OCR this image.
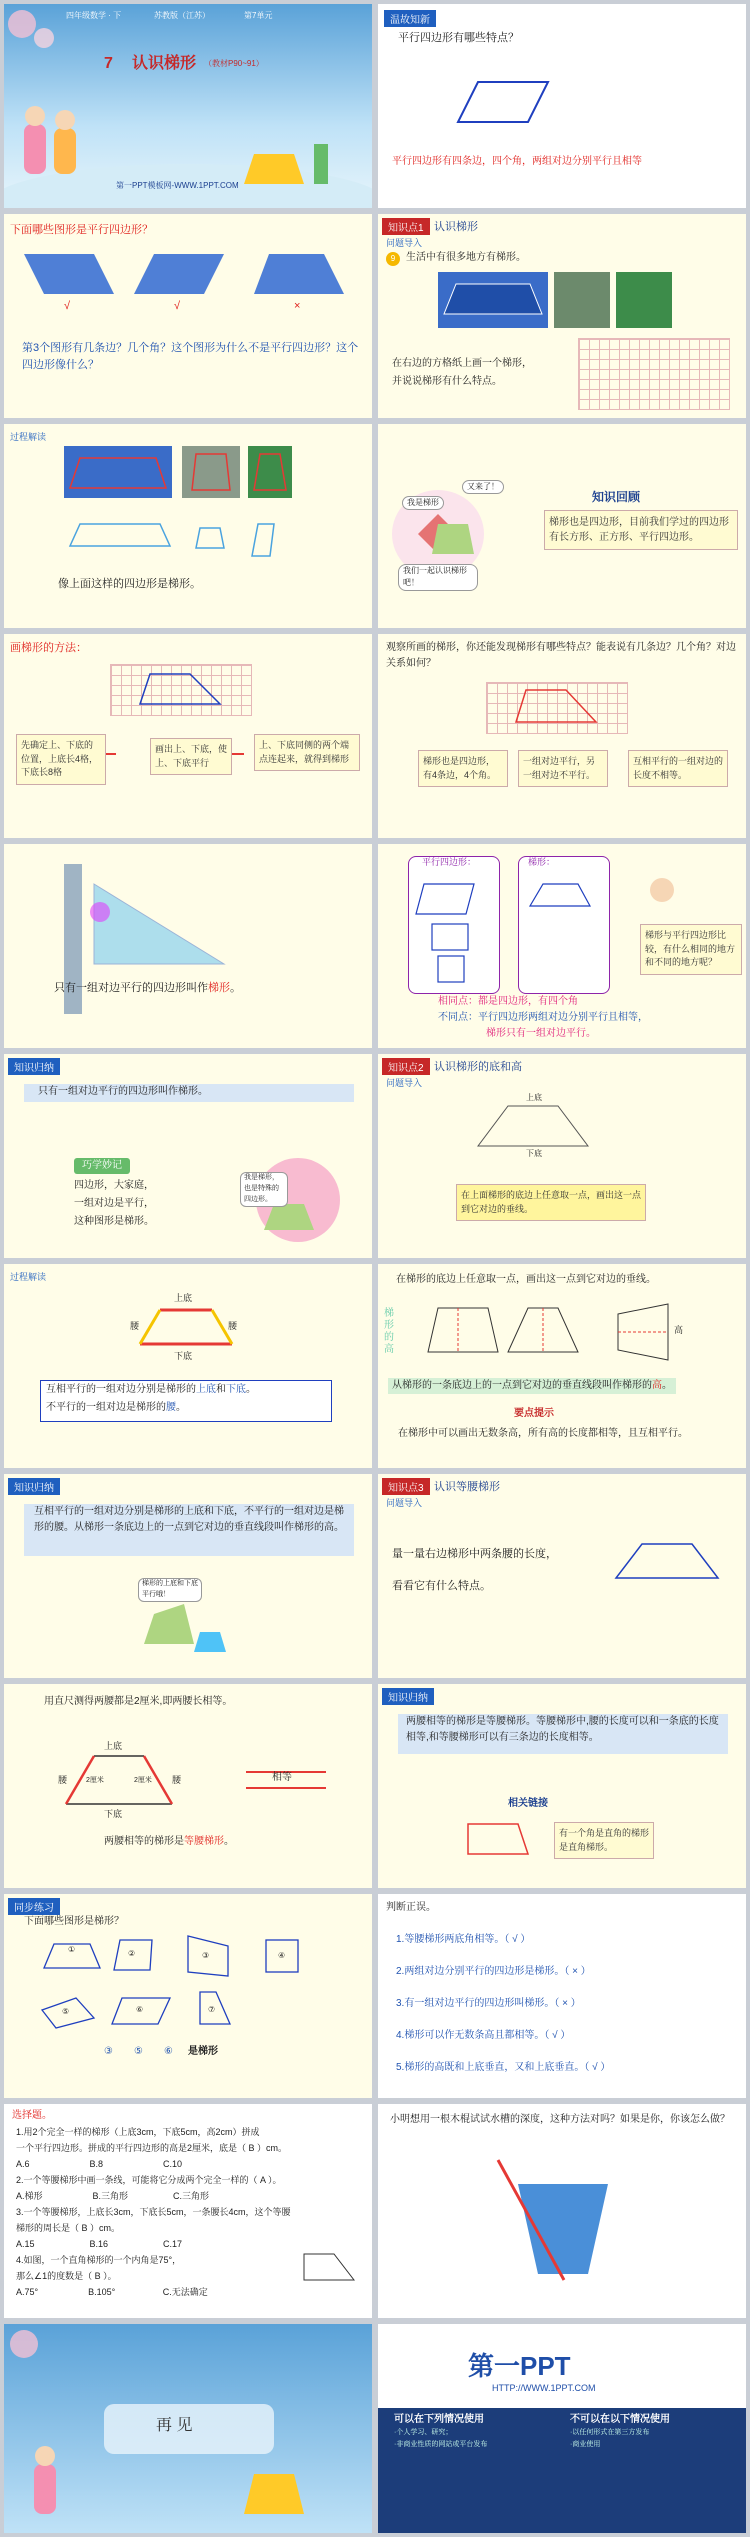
四年级数学 · 下	苏教版（江苏）	第7单元
7 认识梯形 （教材P90~91）
第一PPT模板网-WWW.1PPT.COM
温故知新
平行四边形有哪些特点？
平行四边形有四条边，四个角，两组对边分别平行且相等
下面哪些图形是平行四边形？
√	√	×
第3个图形有几条边？几个角？这个图形为什么不是平行四边形？这个四边形像什么？
知识点1 认识梯形
问题导入
9	生活中有很多地方有梯形。
在右边的方格纸上画一个梯形，
并说说梯形有什么特点。
过程解读
像上面这样的四边形是梯形。
又来了！
我是梯形
我们一起认识梯形吧！
知识回顾
梯形也是四边形，目前我们学过的四边形有长方形、正方形、平行四边形。
画梯形的方法：
先确定上、下底的位置，上底长4格，下底长8格
画出上、下底，使上、下底平行
上、下底同侧的两个端点连起来，就得到梯形
观察所画的梯形，你还能发现梯形有哪些特点？能表说有几条边？几个角？对边关系如何？
梯形也是四边形，有4条边，4个角。
一组对边平行，另一组对边不平行。
互相平行的一组对边的长度不相等。
只有一组对边平行的四边形叫作梯形。
平行四边形：	梯形：
梯形与平行四边形比较，有什么相同的地方和不同的地方呢？
相同点：都是四边形，有四个角
不同点：平行四边形两组对边分别平行且相等，
梯形只有一组对边平行。
知识归纳
只有一组对边平行的四边形叫作梯形。
巧学妙记
四边形，大家庭，
一组对边是平行，
这种图形是梯形。
我是梯形，也是特殊的四边形。
知识点2 认识梯形的底和高
问题导入
上底
下底
在上面梯形的底边上任意取一点，画出这一点到它对边的垂线。
过程解读
上底
腰	腰
下底
互相平行的一组对边分别是梯形的上底和下底。
不平行的一组对边是梯形的腰。
在梯形的底边上任意取一点，画出这一点到它对边的垂线。
梯形的高
高
从梯形的一条底边上的一点到它对边的垂直线段叫作梯形的高。
要点提示
在梯形中可以画出无数条高，所有高的长度都相等，且互相平行。
知识归纳
互相平行的一组对边分别是梯形的上底和下底，不平行的一组对边是梯形的腰。从梯形一条底边上的一点到它对边的垂直线段叫作梯形的高。
梯形的上底和下底平行哦！
知识点3 认识等腰梯形
问题导入
量一量右边梯形中两条腰的长度，
看看它有什么特点。
用直尺测得两腰都是2厘米,即两腰长相等。
上底
腰	腰
2厘米	2厘米	相等
下底
两腰相等的梯形是等腰梯形。
知识归纳
两腰相等的梯形是等腰梯形。等腰梯形中,腰的长度可以和一条底的长度相等,和等腰梯形可以有三条边的长度相等。
相关链接
有一个角是直角的梯形是直角梯形。
同步练习
下面哪些图形是梯形？
①	②	③	④
⑤	⑥	⑦
③ ⑤ ⑥ 是梯形
判断正误。
1.等腰梯形两底角相等。（ √ ）
2.两组对边分别平行的四边形是梯形。（ × ）
3.有一组对边平行的四边形叫梯形。（ × ）
4.梯形可以作无数条高且都相等。（ √ ）
5.梯形的高既和上底垂直，又和上底垂直。（ √ ）
选择题。
1.用2个完全一样的梯形（上底3cm，下底5cm，高2cm）拼成
一个平行四边形。拼成的平行四边形的高是2厘米，底是（ B ）cm。
A.6                        B.8                        C.10
2.一个等腰梯形中画一条线，可能将它分成两个完全一样的（ A ）。
A.梯形                    B.三角形                  C.三角形
3.一个等腰梯形，上底长3cm，下底长5cm，一条腰长4cm，这个等腰
梯形的周长是（ B ）cm。
A.15                      B.16                      C.17
4.如图，一个直角梯形的一个内角是75°，
那么∠1的度数是（ B ）。
A.75°                    B.105°                   C.无法确定
小明想用一根木棍试试水槽的深度，这种方法对吗？如果是你，你该怎么做？
再 见
第一PPT
HTTP://WWW.1PPT.COM
可以在下列情况使用	不可以在以下情况使用
·个人学习、研究；
·非商业性质的网站或平台发布
·以任何形式在第三方发布
·商业使用
